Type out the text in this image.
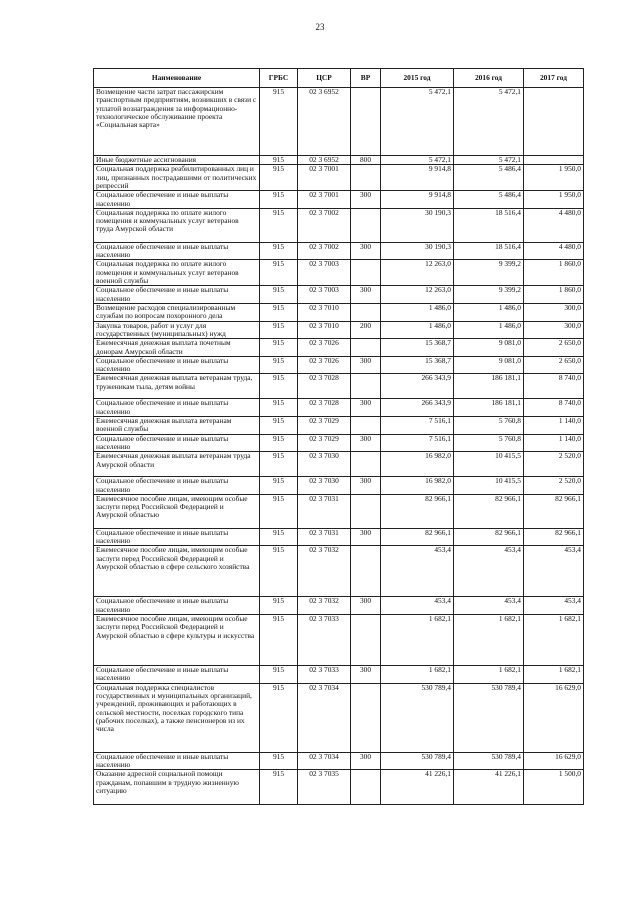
23
Наименование	ГРБС	ЦСР	ВР	2015 год	2016 год	2017 год
Возмещение части затрат пассажирским транспортным предприятиям, возникших в связи с уплатой вознаграждения за информационно-технологическое обслуживание проекта «Социальная карта»	915	02 3 6952		5 472,1	5 472,1	
Иные бюджетные ассигнования	915	02 3 6952	800	5 472,1	5 472,1	
Социальная поддержка реабилитированных лиц и лиц, признанных пострадавшими от политических репрессий	915	02 3 7001		9 914,8	5 486,4	1 950,0
Социальное обеспечение и иные выплаты населению	915	02 3 7001	300	9 914,8	5 486,4	1 950,0
Социальная поддержка по оплате жилого помещения и коммунальных услуг ветеранов труда Амурской области	915	02 3 7002		30 190,3	18 516,4	4 480,0
Социальное обеспечение и иные выплаты населению	915	02 3 7002	300	30 190,3	18 516,4	4 480,0
Социальная поддержка по оплате жилого помещения и коммунальных услуг ветеранов военной службы	915	02 3 7003		12 263,0	9 399,2	1 860,0
Социальное обеспечение и иные выплаты населению	915	02 3 7003	300	12 263,0	9 399,2	1 860,0
Возмещение расходов специализированным службам по вопросам похоронного дела	915	02 3 7010		1 486,0	1 486,0	300,0
Закупка товаров, работ и услуг для государственных (муниципальных) нужд	915	02 3 7010	200	1 486,0	1 486,0	300,0
Ежемесячная денежная выплата почетным донорам Амурской области	915	02 3 7026		15 368,7	9 081,0	2 650,0
Социальное обеспечение и иные выплаты населению	915	02 3 7026	300	15 368,7	9 081,0	2 650,0
Ежемесячная денежная выплата ветеранам труда, труженикам тыла, детям войны	915	02 3 7028		266 343,9	186 181,1	8 740,0
Социальное обеспечение и иные выплаты населению	915	02 3 7028	300	266 343,9	186 181,1	8 740,0
Ежемесячная денежная выплата ветеранам военной службы	915	02 3 7029		7 516,1	5 760,8	1 140,0
Социальное обеспечение и иные выплаты населению	915	02 3 7029	300	7 516,1	5 760,8	1 140,0
Ежемесячная денежная выплата ветеранам труда Амурской области	915	02 3 7030		16 982,0	10 415,5	2 520,0
Социальное обеспечение и иные выплаты населению	915	02 3 7030	300	16 982,0	10 415,5	2 520,0
Ежемесячное пособие лицам, имеющим особые заслуги перед Российской Федерацией и Амурской областью	915	02 3 7031		82 966,1	82 966,1	82 966,1
Социальное обеспечение и иные выплаты населению	915	02 3 7031	300	82 966,1	82 966,1	82 966,1
Ежемесячное пособие лицам, имеющим особые заслуги перед Российской Федерацией и Амурской областью в сфере сельского хозяйства	915	02 3 7032		453,4	453,4	453,4
Социальное обеспечение и иные выплаты населению	915	02 3 7032	300	453,4	453,4	453,4
Ежемесячное пособие лицам, имеющим особые заслуги перед Российской Федерацией и Амурской областью в сфере культуры и искусства	915	02 3 7033		1 682,1	1 682,1	1 682,1
Социальное обеспечение и иные выплаты населению	915	02 3 7033	300	1 682,1	1 682,1	1 682,1
Социальная поддержка специалистов государственных и муниципальных организаций, учреждений, проживающих и работающих в сельской местности, поселках городского типа (рабочих поселках), а также пенсионеров из их числа	915	02 3 7034		530 789,4	530 789,4	16 629,0
Социальное обеспечение и иные выплаты населению	915	02 3 7034	300	530 789,4	530 789,4	16 629,0
Оказание адресной социальной помощи гражданам, попавшим в трудную жизненную ситуацию	915	02 3 7035		41 226,1	41 226,1	1 500,0
